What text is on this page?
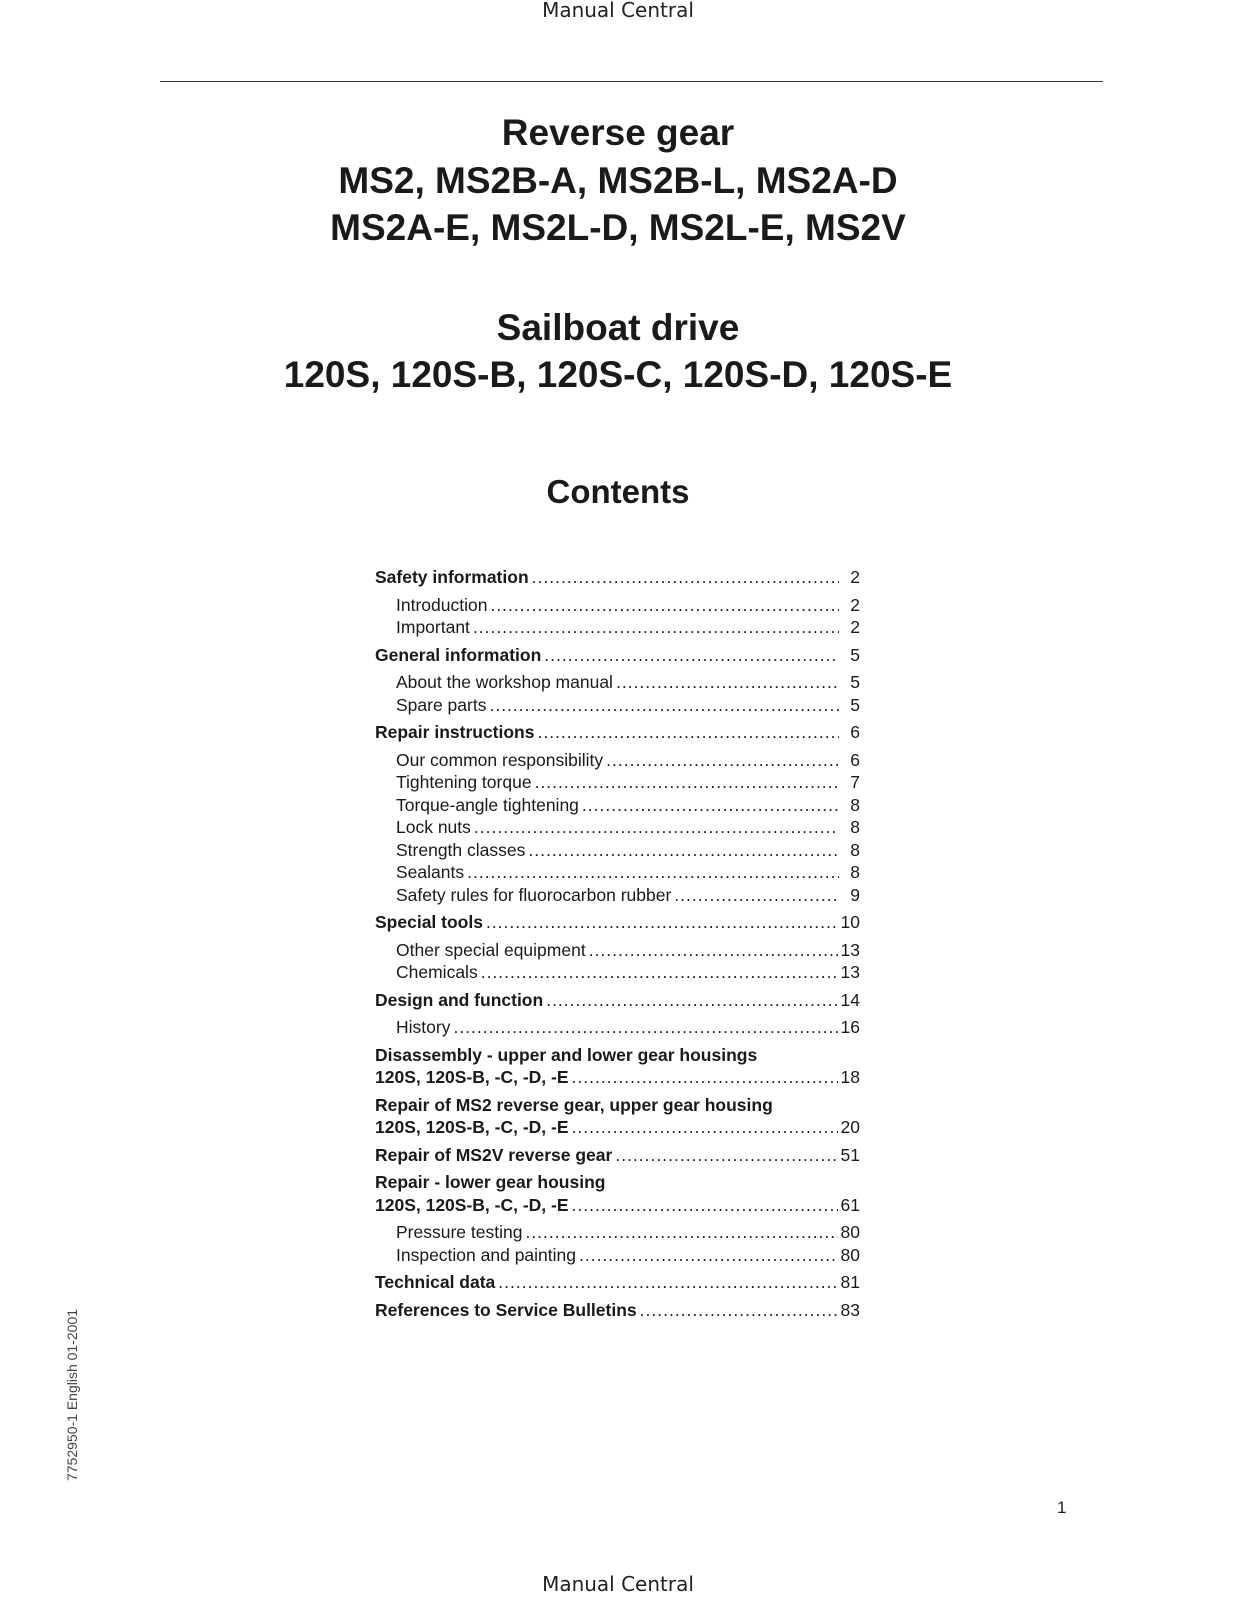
Manual Central
Reverse gear
MS2, MS2B-A, MS2B-L, MS2A-D
MS2A-E, MS2L-D, MS2L-E, MS2V
Sailboat drive
120S, 120S-B, 120S-C, 120S-D, 120S-E
Contents
Safety information .....	2
Introduction .....	2
Important .....	2
General information .....	5
About the workshop manual .....	5
Spare parts .....	5
Repair instructions .....	6
Our common responsibility .....	6
Tightening torque .....	7
Torque-angle tightening .....	8
Lock nuts .....	8
Strength classes .....	8
Sealants .....	8
Safety rules for fluorocarbon rubber .....	9
Special tools .....	10
Other special equipment .....	13
Chemicals .....	13
Design and function .....	14
History .....	16
Disassembly - upper and lower gear housings
120S, 120S-B, -C, -D, -E .....	18
Repair of MS2 reverse gear, upper gear housing
120S, 120S-B, -C, -D, -E .....	20
Repair of MS2V reverse gear .....	51
Repair - lower gear housing
120S, 120S-B, -C, -D, -E .....	61
Pressure testing .....	80
Inspection and painting .....	80
Technical data .....	81
References to Service Bulletins .....	83
7752950-1 English 01-2001
1
Manual Central
